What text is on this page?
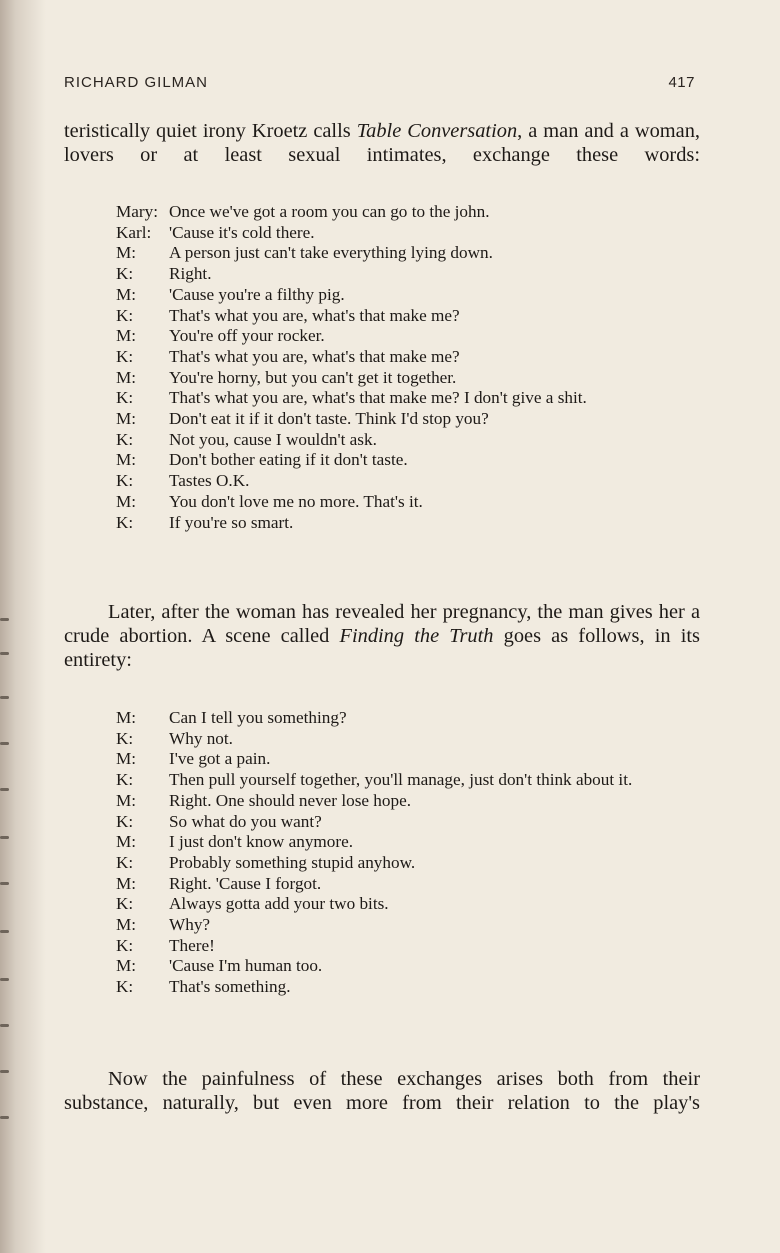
RICHARD GILMAN	417

teristically quiet irony Kroetz calls Table Conversation, a man and a woman, lovers or at least sexual intimates, exchange these words:

Mary: Once we've got a room you can go to the john.
Karl:	'Cause it's cold there.
M:	A person just can't take everything lying down.
K:	Right.
M:	'Cause you're a filthy pig.
K:	That's what you are, what's that make me?
M:	You're off your rocker.
K:	That's what you are, what's that make me?
M:	You're horny, but you can't get it together.
K:	That's what you are, what's that make me? I don't give a shit.
M:	Don't eat it if it don't taste. Think I'd stop you?
K:	Not you, cause I wouldn't ask.
M:	Don't bother eating if it don't taste.
K:	Tastes O.K.
M:	You don't love me no more. That's it.
K:	If you're so smart.

Later, after the woman has revealed her pregnancy, the man gives her a crude abortion. A scene called Finding the Truth goes as follows, in its entirety:

M:	Can I tell you something?
K:	Why not.
M:	I've got a pain.
K:	Then pull yourself together, you'll manage, just don't think about it.
M:	Right. One should never lose hope.
K:	So what do you want?
M:	I just don't know anymore.
K:	Probably something stupid anyhow.
M:	Right. 'Cause I forgot.
K:	Always gotta add your two bits.
M:	Why?
K:	There!
M:	'Cause I'm human too.
K:	That's something.

Now the painfulness of these exchanges arises both from their substance, naturally, but even more from their relation to the play's
